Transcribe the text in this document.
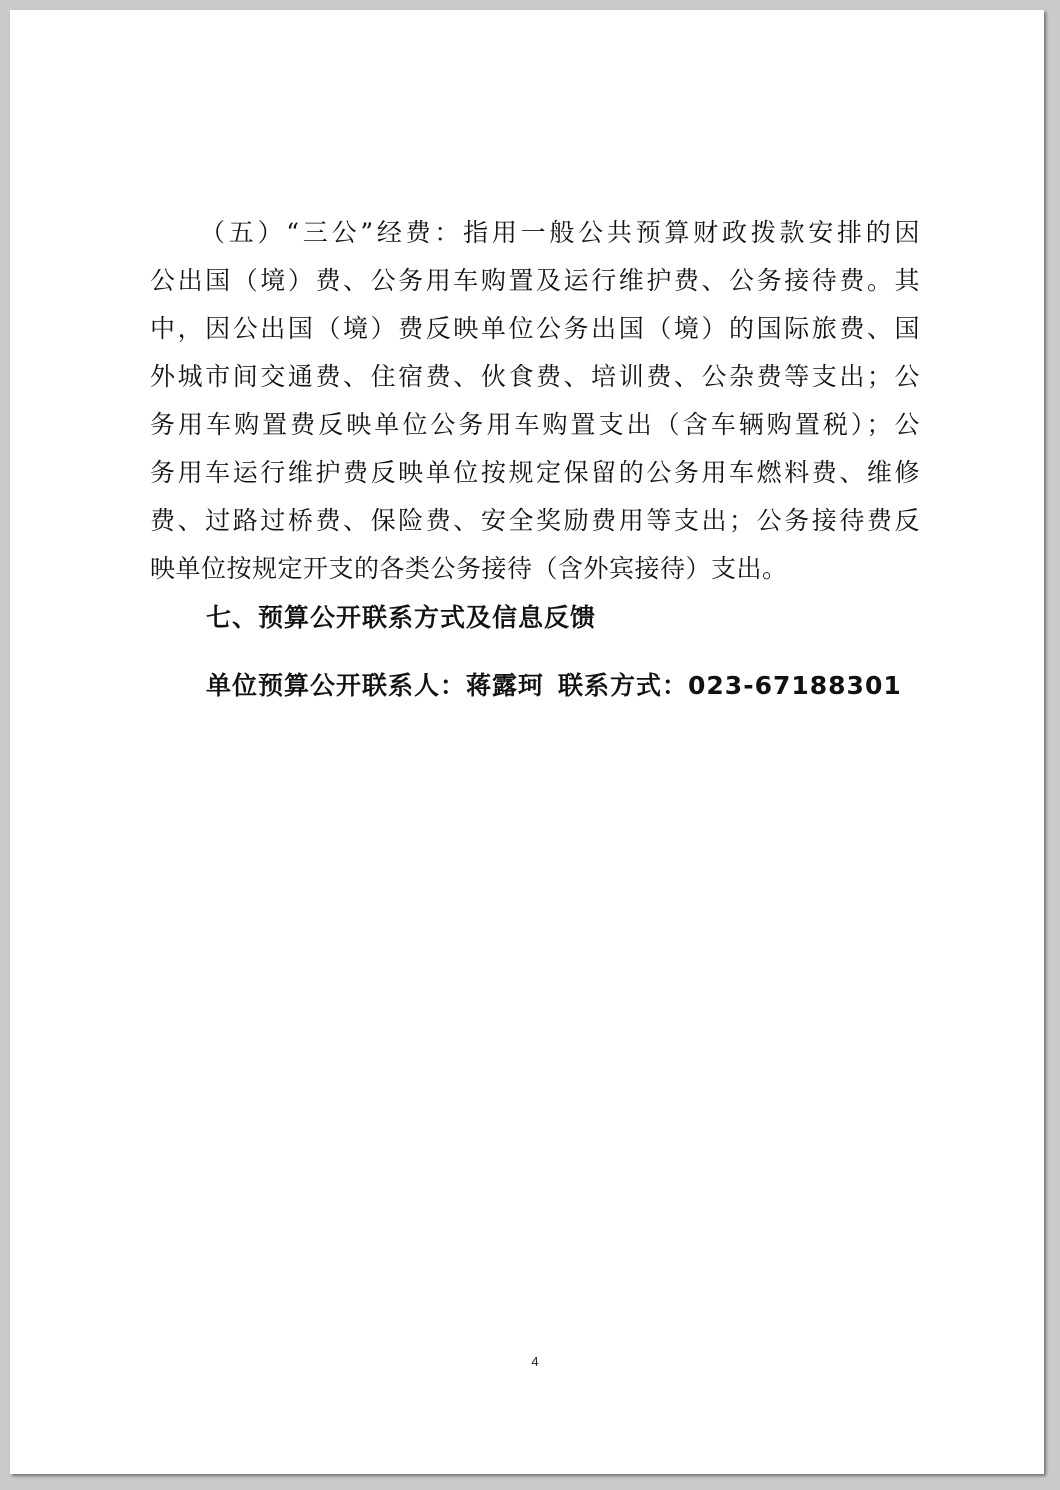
（五）“三公”经费：指用一般公共预算财政拨款安排的因
公出国（境）费、公务用车购置及运行维护费、公务接待费。其
中，因公出国（境）费反映单位公务出国（境）的国际旅费、国
外城市间交通费、住宿费、伙食费、培训费、公杂费等支出；公
务用车购置费反映单位公务用车购置支出（含车辆购置税）；公
务用车运行维护费反映单位按规定保留的公务用车燃料费、维修
费、过路过桥费、保险费、安全奖励费用等支出；公务接待费反
映单位按规定开支的各类公务接待（含外宾接待）支出。
七、预算公开联系方式及信息反馈
单位预算公开联系人：蒋露珂 联系方式：023-67188301
4
